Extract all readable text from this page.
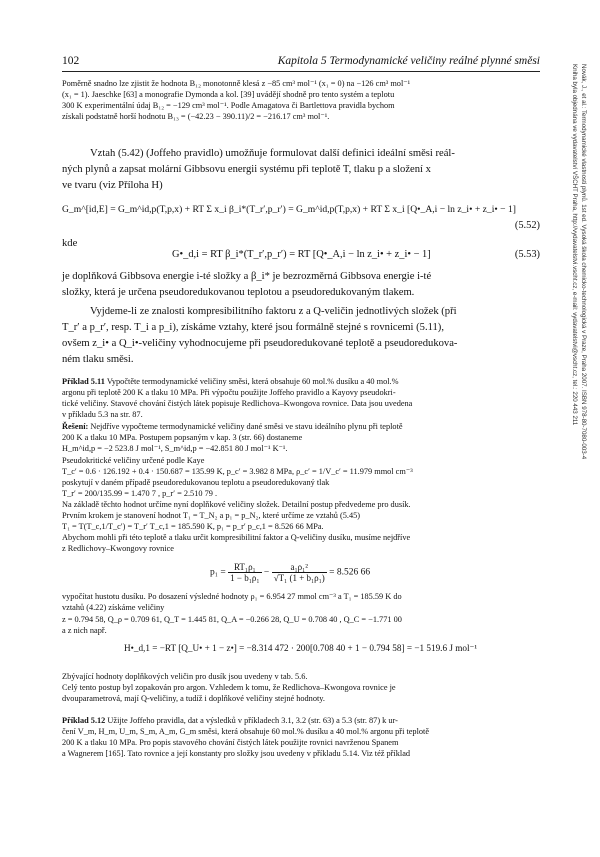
102	Kapitola 5 Termodynamické veličiny reálné plynné směsi
Novák, J., et al.: Termodynamické vlastnosti plynů. 1st ed. Vysoká škola chemicko-technologická v Praze, Praha 2007. ISBN 978-80-7080-003-4
Kniha byla objednána ve vydavatelství VŠCHT Praha, http://vydavatelstvi.vscht.cz, e-mail: vydavatelstvi@vscht.cz, tel.: 220 443 211
Poměrně snadno lze zjistit že hodnota B₁₂ monotonně klesá z −85 cm³ mol⁻¹ (x₁ = 0) na −126 cm³ mol⁻¹
(x₁ = 1). Jaeschke [63] a monografie Dymonda a kol. [39] uvádějí shodně pro tento systém a teplotu
300 K experimentální údaj B₁₂ = −129 cm³ mol⁻¹. Podle Amagatova či Bartlettova pravidla bychom
získali podstatně horší hodnotu B₁₃ = (−42.23 − 390.11)/2 = −216.17 cm³ mol⁻¹.
Vztah (5.42) (Joffeho pravidlo) umožňuje formulovat další definici ideální směsi reál-
ných plynů a zapsat molární Gibbsovu energii systému při teplotě T, tlaku p a složení x
ve tvaru (viz Příloha H)
G_m^[id,E] = G_m^id,p(T,p,x) + RT Σ x_i β_i*(T_r′,p_r′) = G_m^id,p(T,p,x) + RT Σ x_i [Q•_A,i − ln z_i• + z_i• − 1]
(5.52)
kde
G•_d,i = RT β_i*(T_r′,p_r′) = RT [Q•_A,i − ln z_i• + z_i• − 1]	(5.53)
je doplňková Gibbsova energie i-té složky a β_i* je bezrozměrná Gibbsova energie i-té
složky, která je určena pseudoredukovanou teplotou a pseudoredukovaným tlakem.
Vyjdeme-li ze znalosti kompresibilitního faktoru z a Q-veličin jednotlivých složek (při
T_r′ a p_r′, resp. T_i a p_i), získáme vztahy, které jsou formálně stejné s rovnicemi (5.11),
ovšem z_i• a Q_i•-veličiny vyhodnocujeme při pseudoredukované teplotě a pseudoredukova-
ném tlaku směsi.
Příklad 5.11 Vypočtěte termodynamické veličiny směsi, která obsahuje 60 mol.% dusíku a 40 mol.%
argonu při teplotě 200 K a tlaku 10 MPa. Při výpočtu použijte Joffeho pravidlo a Kayovy pseudokri-
tické veličiny. Stavové chování čistých látek popisuje Redlichova–Kwongova rovnice. Data jsou uvedena
v příkladu 5.3 na str. 87.
Řešení: Nejdříve vypočteme termodynamické veličiny dané směsi ve stavu ideálního plynu při teplotě
200 K a tlaku 10 MPa. Postupem popsaným v kap. 3 (str. 66) dostaneme
H_m^id,p = −2 523.8 J mol⁻¹, S_m^id,p = −42.851 80 J mol⁻¹ K⁻¹.
Pseudokritické veličiny určené podle Kaye
T_c′ = 0.6 · 126.192 + 0.4 · 150.687 = 135.99 K, p_c′ = 3.982 8 MPa, ρ_c′ = 1/V_c′ = 11.979 mmol cm⁻³
poskytují v daném případě pseudoredukovanou teplotu a pseudoredukovaný tlak
T_r′ = 200/135.99 = 1.470 7 , p_r′ = 2.510 79 .
Na základě těchto hodnot určíme nyní doplňkové veličiny složek. Detailní postup předvedeme pro dusík.
Prvním krokem je stanovení hodnot T₁ = T_N₂ a p₁ = p_N₂, které určíme ze vztahů (5.45)
T₁ = T(T_c,1/T_c′) = T_r′ T_c,1 = 185.590 K, p₁ = p_r′ p_c,1 = 8.526 66 MPa.
Abychom mohli při této teplotě a tlaku určit kompresibilitní faktor a Q-veličiny dusíku, musíme nejdříve
z Redlichovy–Kwongovy rovnice
$p_1 = \frac{\text{RT₁ρ₁}}{\text{1 − b₁ρ₁}} - \frac{\text{a₁ρ₁²}}{\text{√T₁ (1 + b₁ρ₁)}} = 8.526$ 66
vypočítat hustotu dusíku. Po dosazení výsledné hodnoty ρ₁ = 6.954 27 mmol cm⁻³ a T₁ = 185.59 K do
vztahů (4.22) získáme veličiny
z = 0.794 58, Q_ρ = 0.709 61, Q_T = 1.445 81, Q_A = −0.266 28, Q_U = 0.708 40 , Q_C = −1.771 00
a z nich např.
H•_d,1 = −RT [Q_U• + 1 − z•] = −8.314 472 · 200[0.708 40 + 1 − 0.794 58] = −1 519.6 J mol⁻¹
Zbývající hodnoty doplňkových veličin pro dusík jsou uvedeny v tab. 5.6.
Celý tento postup byl zopakován pro argon. Vzhledem k tomu, že Redlichova–Kwongova rovnice je
dvouparametrová, mají Q-veličiny, a tudíž i doplňkové veličiny stejné hodnoty.
Příklad 5.12 Užijte Joffeho pravidla, dat a výsledků v příkladech 3.1, 3.2 (str. 63) a 5.3 (str. 87) k ur-
čení V_m, H_m, U_m, S_m, A_m, G_m směsi, která obsahuje 60 mol.% dusíku a 40 mol.% argonu při teplotě
200 K a tlaku 10 MPa. Pro popis stavového chování čistých látek použijte rovnici navrženou Spanem
a Wagnerem [165]. Tato rovnice a její konstanty pro složky jsou uvedeny v příkladu 5.14. Viz též příklad
